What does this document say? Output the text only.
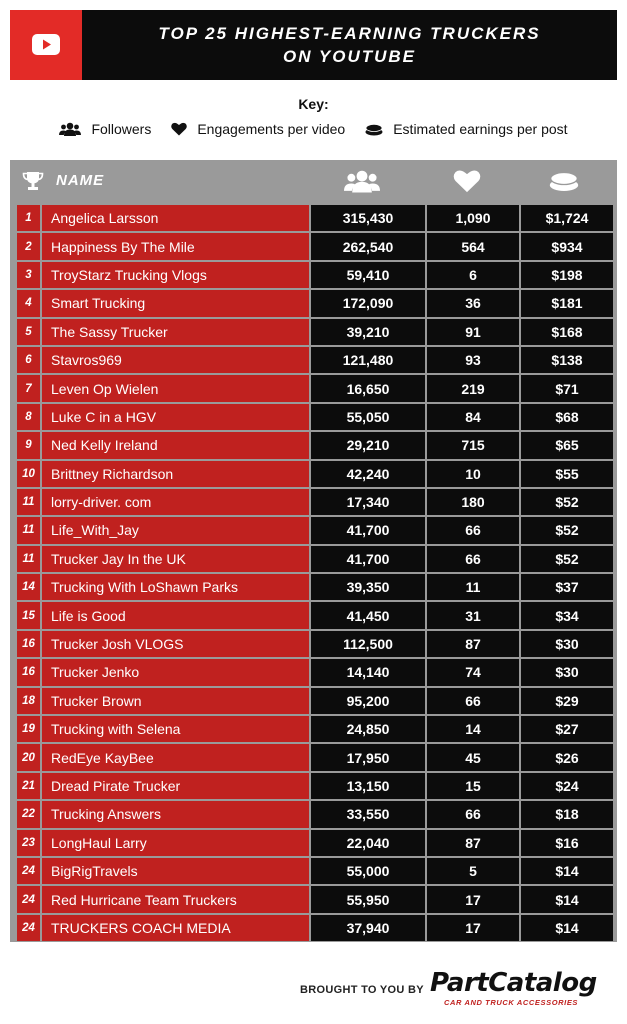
TOP 25 HIGHEST-EARNING TRUCKERS
ON YOUTUBE
Key:
Followers	Engagements per video	Estimated earnings per post
NAME
1	Angelica Larsson	315,430	1,090	$1,724
2	Happiness By The Mile	262,540	564	$934
3	TroyStarz Trucking Vlogs	59,410	6	$198
4	Smart Trucking	172,090	36	$181
5	The Sassy Trucker	39,210	91	$168
6	Stavros969	121,480	93	$138
7	Leven Op Wielen	16,650	219	$71
8	Luke C in a HGV	55,050	84	$68
9	Ned Kelly Ireland	29,210	715	$65
10	Brittney Richardson	42,240	10	$55
11	lorry-driver. com	17,340	180	$52
11	Life_With_Jay	41,700	66	$52
11	Trucker Jay In the UK	41,700	66	$52
14	Trucking With LoShawn Parks	39,350	11	$37
15	Life is Good	41,450	31	$34
16	Trucker Josh VLOGS	112,500	87	$30
16	Trucker Jenko	14,140	74	$30
18	Trucker Brown	95,200	66	$29
19	Trucking with Selena	24,850	14	$27
20	RedEye KayBee	17,950	45	$26
21	Dread Pirate Trucker	13,150	15	$24
22	Trucking Answers	33,550	66	$18
23	LongHaul Larry	22,040	87	$16
24	BigRigTravels	55,000	5	$14
24	Red Hurricane Team Truckers	55,950	17	$14
24	TRUCKERS COACH MEDIA	37,940	17	$14
BROUGHT TO YOU BY PartCatalog
CAR AND TRUCK ACCESSORIES
